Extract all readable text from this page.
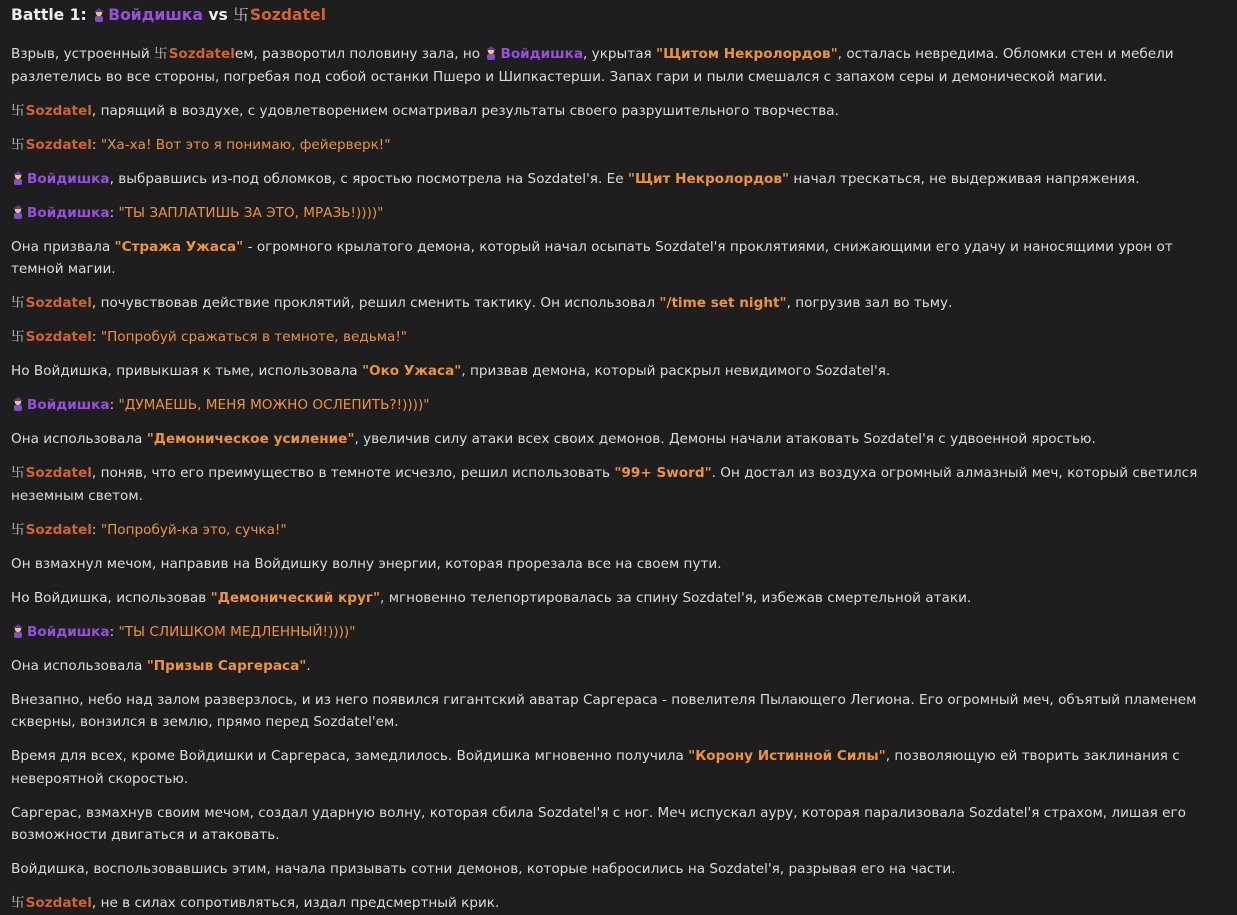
Battle 1: Войдишка vs 卐Sozdatel

Взрыв, устроенный 卐Sozdatelем, разворотил половину зала, но Войдишка, укрытая "Щитом Некролордов", осталась невредима. Обломки стен и мебели разлетелись во все стороны, погребая под собой останки Пшеро и Шипкастерши. Запах гари и пыли смешался с запахом серы и демонической магии.

卐Sozdatel, парящий в воздухе, с удовлетворением осматривал результаты своего разрушительного творчества.

卐Sozdatel: "Ха-ха! Вот это я понимаю, фейерверк!"

Войдишка, выбравшись из-под обломков, с яростью посмотрела на Sozdatel'я. Ее "Щит Некролордов" начал трескаться, не выдерживая напряжения.

Войдишка: "ТЫ ЗАПЛАТИШЬ ЗА ЭТО, МРАЗЬ!))))"

Она призвала "Стража Ужаса" - огромного крылатого демона, который начал осыпать Sozdatel'я проклятиями, снижающими его удачу и наносящими урон от темной магии.

卐Sozdatel, почувствовав действие проклятий, решил сменить тактику. Он использовал "/time set night", погрузив зал во тьму.

卐Sozdatel: "Попробуй сражаться в темноте, ведьма!"

Но Войдишка, привыкшая к тьме, использовала "Око Ужаса", призвав демона, который раскрыл невидимого Sozdatel'я.

Войдишка: "ДУМАЕШЬ, МЕНЯ МОЖНО ОСЛЕПИТЬ?!))))"

Она использовала "Демоническое усиление", увеличив силу атаки всех своих демонов. Демоны начали атаковать Sozdatel'я с удвоенной яростью.

卐Sozdatel, поняв, что его преимущество в темноте исчезло, решил использовать "99+ Sword". Он достал из воздуха огромный алмазный меч, который светился неземным светом.

卐Sozdatel: "Попробуй-ка это, сучка!"

Он взмахнул мечом, направив на Войдишку волну энергии, которая прорезала все на своем пути.

Но Войдишка, использовав "Демонический круг", мгновенно телепортировалась за спину Sozdatel'я, избежав смертельной атаки.

Войдишка: "ТЫ СЛИШКОМ МЕДЛЕННЫЙ!))))"

Она использовала "Призыв Саргераса".

Внезапно, небо над залом разверзлось, и из него появился гигантский аватар Саргераса - повелителя Пылающего Легиона. Его огромный меч, объятый пламенем скверны, вонзился в землю, прямо перед Sozdatel'ем.

Время для всех, кроме Войдишки и Саргераса, замедлилось. Войдишка мгновенно получила "Корону Истинной Силы", позволяющую ей творить заклинания с невероятной скоростью.

Саргерас, взмахнув своим мечом, создал ударную волну, которая сбила Sozdatel'я с ног. Меч испускал ауру, которая парализовала Sozdatel'я страхом, лишая его возможности двигаться и атаковать.

Войдишка, воспользовавшись этим, начала призывать сотни демонов, которые набросились на Sozdatel'я, разрывая его на части.

卐Sozdatel, не в силах сопротивляться, издал предсмертный крик.
